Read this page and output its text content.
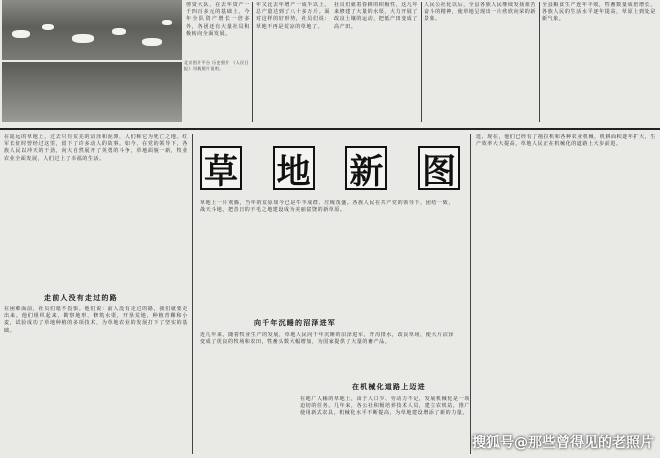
北京图片平台 历史照片 《人民日报》刊载照片说明。
剪资大队，在去年资产一千四百多元的基础上，今年全队资产增长一倍多外，各团还有大量社员积极转向全面发展。
年又比去年增产一成半以上，总产量达到了八十多万斤。面对这样的好形势，社员们说：草地不再是荒凉的草地了。
社员们就着春耕的积极性，这几年来修建了大量的水渠，大力开展了改良土壤的运动，把低产田变成了高产田。
人民公社化以后，全县各族人民继续发扬艰苦奋斗的精神，使草地呈现出一片欣欣向荣的新景象。
全县粮食生产连年丰收，牲畜数量成倍增长，各族人民的生活水平逐年提高，草原上到处是新气象。
草 地 新 图
在遥远的草地上，过去只有荒芜的沼泽和泥潭，人们称它为死亡之地。红军长征时曾经过这里，留下了许多动人的故事。如今，在党的领导下，各族人民以冲天的干劲，向大自然展开了英勇的斗争，草地面貌一新，牧业农业全面发展，人们过上了幸福的生活。
走前人没有走过的路
在困难面前，社员们毫不畏惧。他们说：前人没有走过的路，我们就要走出来。他们组织起来，勘察地形，修筑水渠，开垦荒地，种植青稞和小麦，试验成功了草地种植的多项技术，为草地农业的发展打下了坚实的基础。
草地上一片欢腾，当年的荒原如今已是牛羊成群、庄稼茂盛。各族人民在共产党的领导下，团结一致，战天斗地，把昔日的不毛之地建设成为美丽富饶的新草原。
向千年沉睡的沼泽进军
近几年来，随着牧业生产的发展，草地人民向千年沉睡的沼泽进军，开沟排水，改良草场，使大片沼泽变成了优良的牧场和农田，牲畜头数大幅增加，为国家提供了大量的畜产品。
选、现在，他们已经有了拖拉机和各种农业机械，机耕面积逐年扩大，生产效率大大提高，草地人民正在机械化的道路上大步前进。
在机械化道路上迈进
在地广人稀的草地上，由于人口少、劳动力不足，发展机械化是一项迫切的任务。几年来，各公社积极培养技术人员，建立农机站，推广使用新式农具，机械化水平不断提高，为草地建设增添了新的力量。
搜狐号@那些曾得见的老照片
